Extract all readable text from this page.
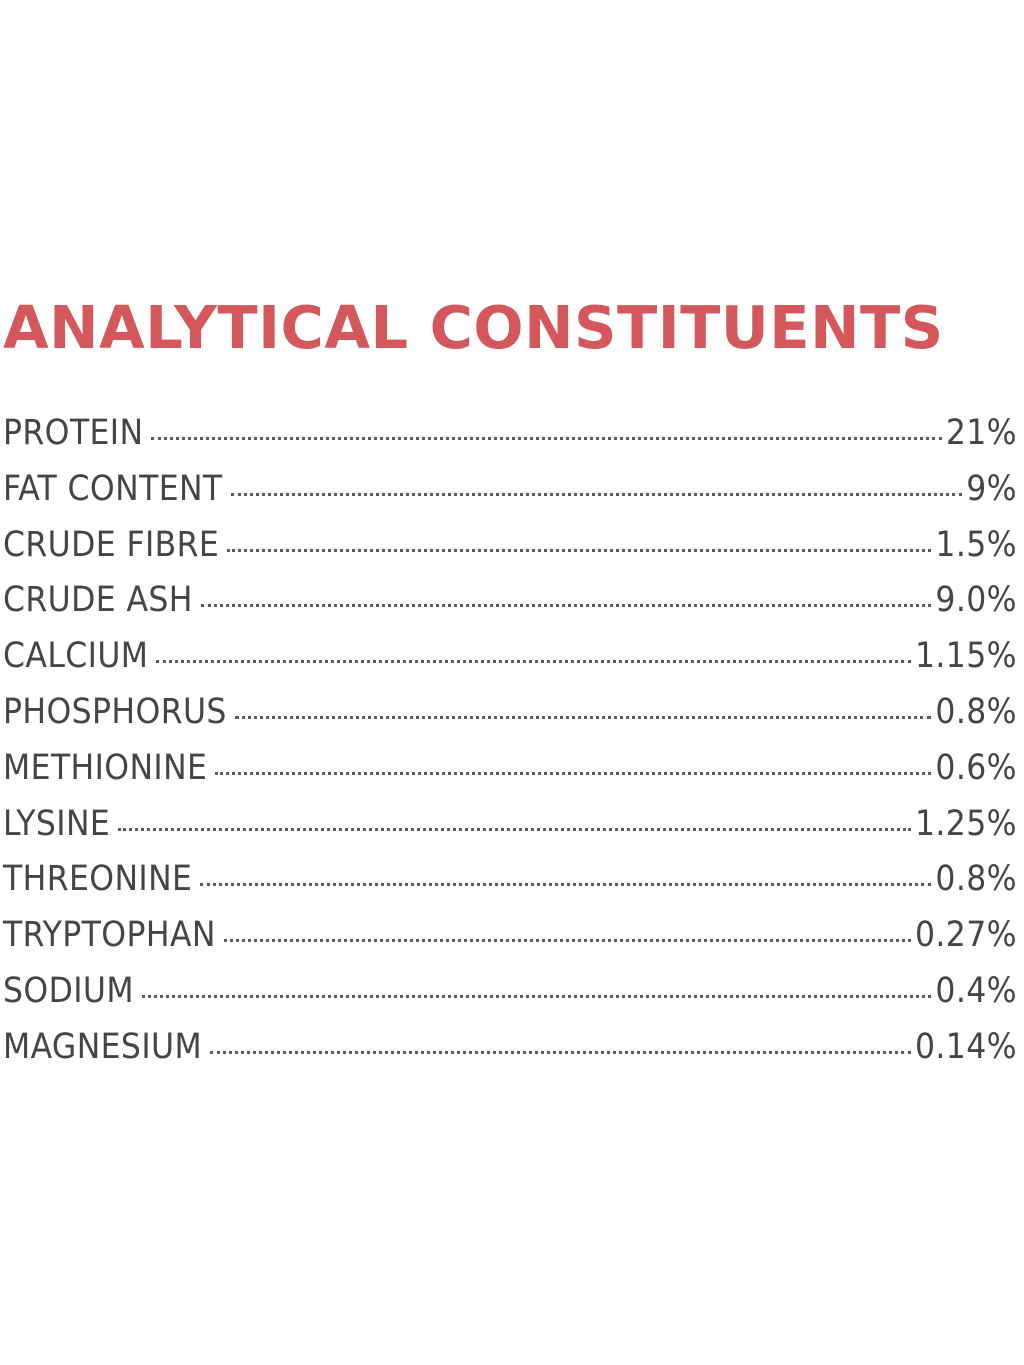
ANALYTICAL CONSTITUENTS
PROTEIN	21%
FAT CONTENT	9%
CRUDE FIBRE	1.5%
CRUDE ASH	9.0%
CALCIUM	1.15%
PHOSPHORUS	0.8%
METHIONINE	0.6%
LYSINE	1.25%
THREONINE	0.8%
TRYPTOPHAN	0.27%
SODIUM	0.4%
MAGNESIUM	0.14%
